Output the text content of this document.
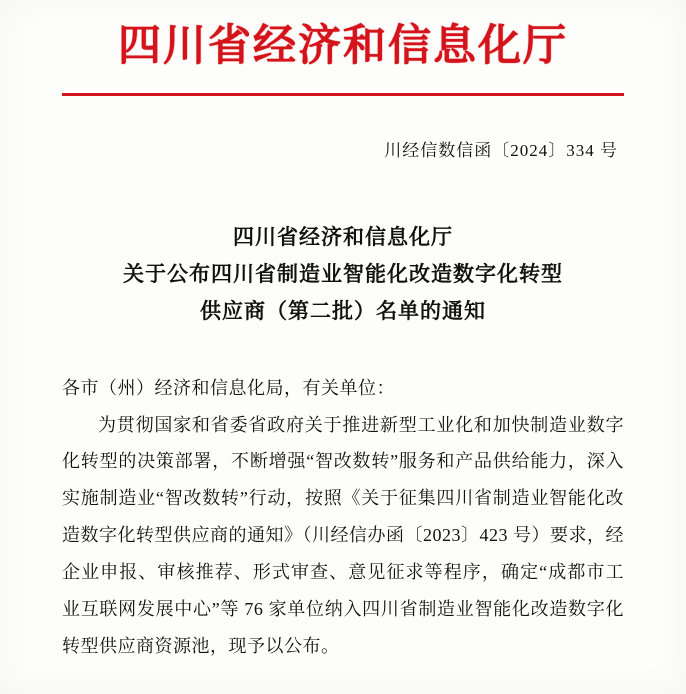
四川省经济和信息化厅
川经信数信函〔2024〕334 号
四川省经济和信息化厅
关于公布四川省制造业智能化改造数字化转型
供应商（第二批）名单的通知
各市（州）经济和信息化局，有关单位：

为贯彻国家和省委省政府关于推进新型工业化和加快制造业数字化转型的决策部署，不断增强“智改数转”服务和产品供给能力，深入实施制造业“智改数转”行动，按照《关于征集四川省制造业智能化改造数字化转型供应商的通知》（川经信办函〔2023〕423 号）要求，经企业申报、审核推荐、形式审查、意见征求等程序，确定“成都市工业互联网发展中心”等 76 家单位纳入四川省制造业智能化改造数字化转型供应商资源池，现予以公布。
